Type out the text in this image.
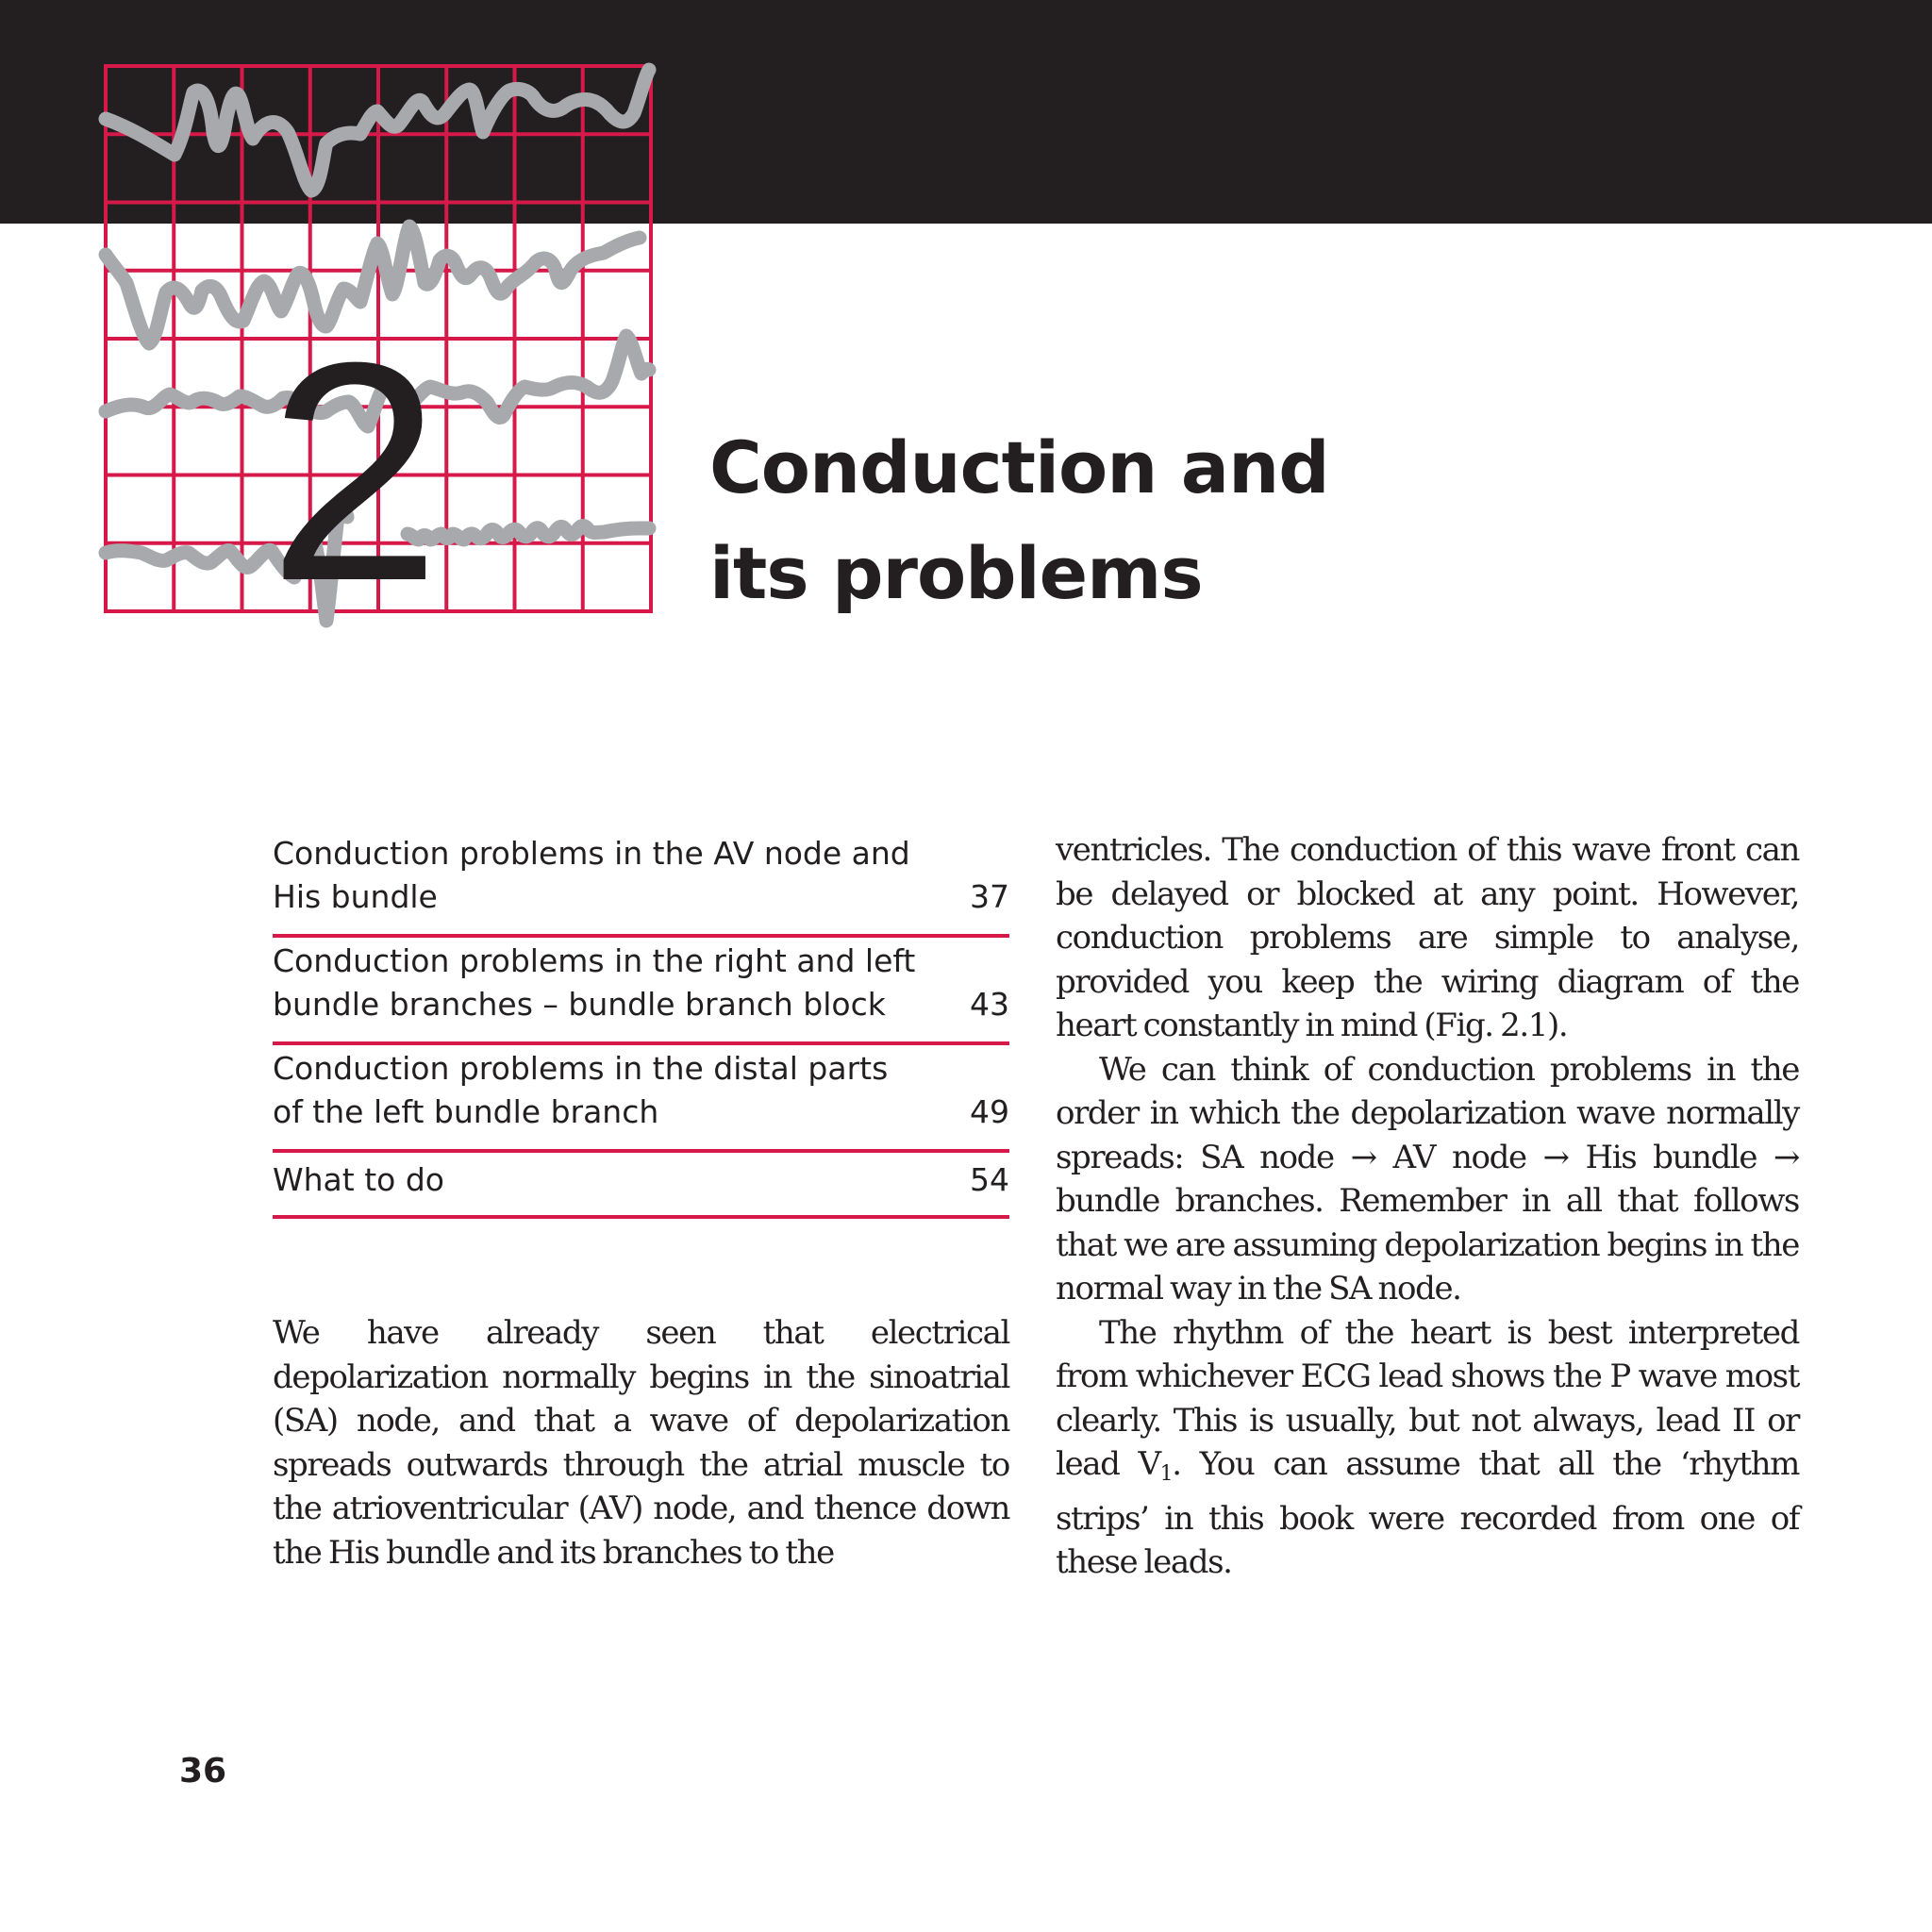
2	Conduction and
its problems
Conduction problems in the AV node and
His bundle	37
Conduction problems in the right and left
bundle branches – bundle branch block	43
Conduction problems in the distal parts
of the left bundle branch	49
What to do	54

We have already seen that electrical depolarization normally begins in the sinoatrial (SA) node, and that a wave of depolarization spreads outwards through the atrial muscle to the atrioventricular (AV) node, and thence down the His bundle and its branches to the

ventricles. The conduction of this wave front can be delayed or blocked at any point. However, conduction problems are simple to analyse, provided you keep the wiring diagram of the heart constantly in mind (Fig. 2.1).

We can think of conduction problems in the order in which the depolarization wave normally spreads: SA node → AV node → His bundle → bundle branches. Remember in all that follows that we are assuming depolarization begins in the normal way in the SA node.

The rhythm of the heart is best interpreted from whichever ECG lead shows the P wave most clearly. This is usually, but not always, lead II or lead $V_1$. You can assume that all the ‘rhythm strips’ in this book were recorded from one of these leads.

36
